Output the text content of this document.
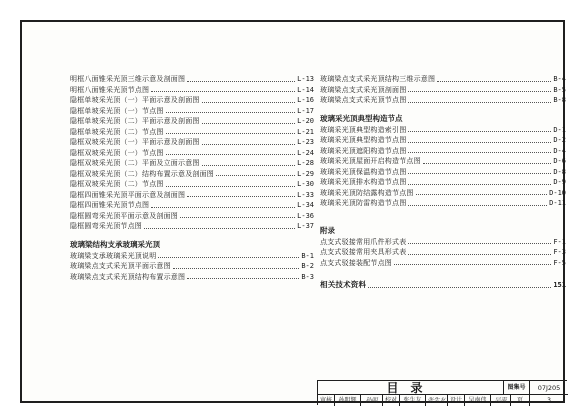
明框八面锥采光顶三维示意及剖面图	L-13
明框八面锥采光顶节点图	L-14
隐框单坡采光顶（一）平面示意及剖面图	L-16
隐框单坡采光顶（一）节点图	L-17
隐框单坡采光顶（二）平面示意及剖面图	L-20
隐框单坡采光顶（二）节点图	L-21
隐框双坡采光顶（一）平面示意及剖面图	L-23
隐框双坡采光顶（一）节点图	L-24
隐框双坡采光顶（二）平面及立面示意图	L-28
隐框双坡采光顶（二）结构布置示意及剖面图	L-29
隐框双坡采光顶（二）节点图	L-30
隐框四面锥采光顶平面示意及剖面图	L-33
隐框四面锥采光顶节点图	L-34
隐框圆弯采光顶平面示意及剖面图	L-36
隐框圆弯采光顶节点图	L-37
玻璃梁结构支承玻璃采光顶
玻璃梁支承玻璃采光顶说明	B-1
玻璃梁点支式采光顶平面示意图	B-2
玻璃梁点支式采光顶结构布置示意图	B-3
玻璃梁点支式采光顶结构三维示意图	B-4
玻璃梁点支式采光顶剖面图	B-5
玻璃梁点支式采光顶节点图	B-8
玻璃采光顶典型构造节点
玻璃采光顶典型构造索引图	D-1
玻璃采光顶典型构造节点图	D-2
玻璃采光顶遮阳构造节点图	D-4
玻璃采光顶屋面开启构造节点图	D-6
玻璃采光顶保温构造节点图	D-8
玻璃采光顶排水构造节点图	D-9
玻璃采光顶防结露构造节点图	D-10
玻璃采光顶防雷构造节点图	D-11
附录
点支式驳接常用爪件形式表	F-1
点支式驳接常用夹具形式表	F-3
点支式驳接装配节点图	F-5
相关技术资料	151
目录	图集号	07J205
审核	孙明辉	孙明	校对	张生友 张生友 设计	吴南伟	吴南	页	3
